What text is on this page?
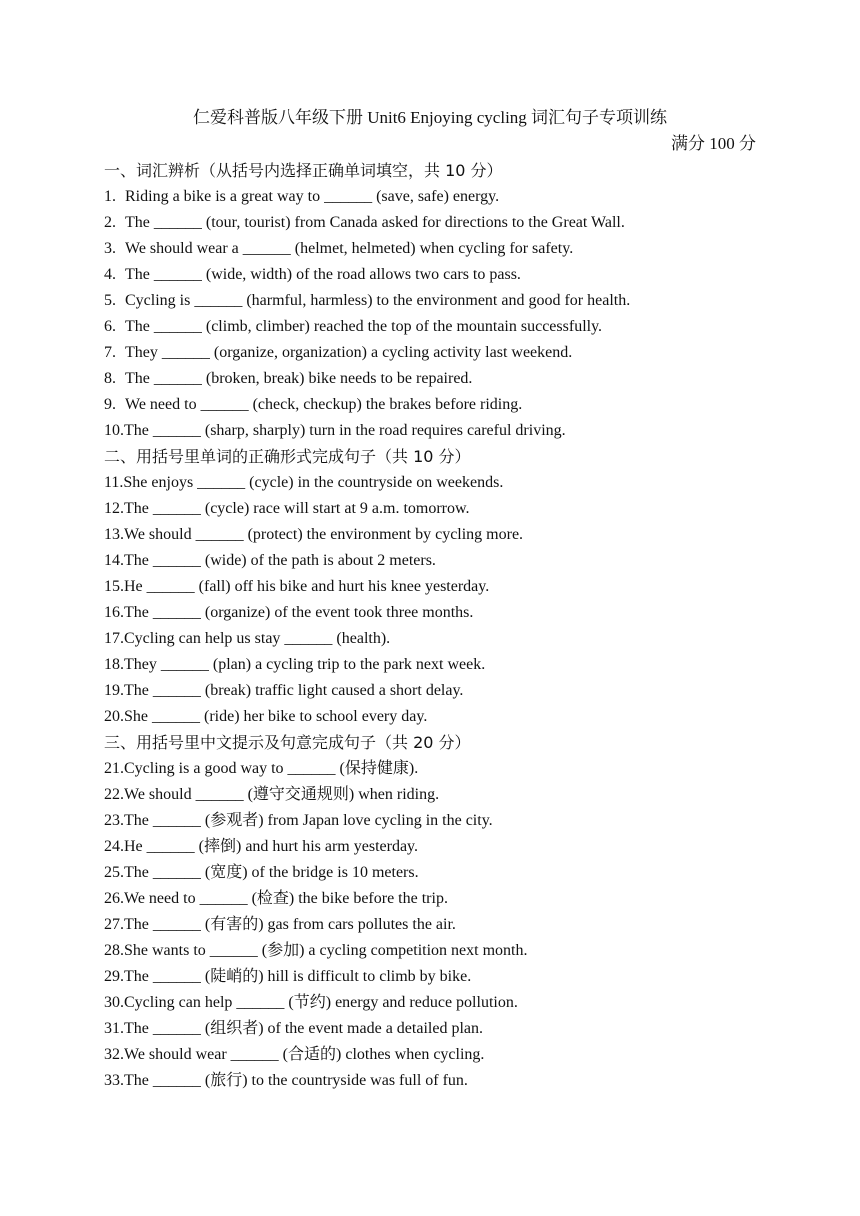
仁爱科普版八年级下册 Unit6 Enjoying cycling 词汇句子专项训练
满分 100 分
一、词汇辨析（从括号内选择正确单词填空，共 10 分）
1. Riding a bike is a great way to ______ (save, safe) energy.
2. The ______ (tour, tourist) from Canada asked for directions to the Great Wall.
3. We should wear a ______ (helmet, helmeted) when cycling for safety.
4. The ______ (wide, width) of the road allows two cars to pass.
5. Cycling is ______ (harmful, harmless) to the environment and good for health.
6. The ______ (climb, climber) reached the top of the mountain successfully.
7. They ______ (organize, organization) a cycling activity last weekend.
8. The ______ (broken, break) bike needs to be repaired.
9. We need to ______ (check, checkup) the brakes before riding.
10.The ______ (sharp, sharply) turn in the road requires careful driving.
二、用括号里单词的正确形式完成句子（共 10 分）
11.She enjoys ______ (cycle) in the countryside on weekends.
12.The ______ (cycle) race will start at 9 a.m. tomorrow.
13.We should ______ (protect) the environment by cycling more.
14.The ______ (wide) of the path is about 2 meters.
15.He ______ (fall) off his bike and hurt his knee yesterday.
16.The ______ (organize) of the event took three months.
17.Cycling can help us stay ______ (health).
18.They ______ (plan) a cycling trip to the park next week.
19.The ______ (break) traffic light caused a short delay.
20.She ______ (ride) her bike to school every day.
三、用括号里中文提示及句意完成句子（共 20 分）
21.Cycling is a good way to ______ (保持健康).
22.We should ______ (遵守交通规则) when riding.
23.The ______ (参观者) from Japan love cycling in the city.
24.He ______ (摔倒) and hurt his arm yesterday.
25.The ______ (宽度) of the bridge is 10 meters.
26.We need to ______ (检查) the bike before the trip.
27.The ______ (有害的) gas from cars pollutes the air.
28.She wants to ______ (参加) a cycling competition next month.
29.The ______ (陡峭的) hill is difficult to climb by bike.
30.Cycling can help ______ (节约) energy and reduce pollution.
31.The ______ (组织者) of the event made a detailed plan.
32.We should wear ______ (合适的) clothes when cycling.
33.The ______ (旅行) to the countryside was full of fun.
